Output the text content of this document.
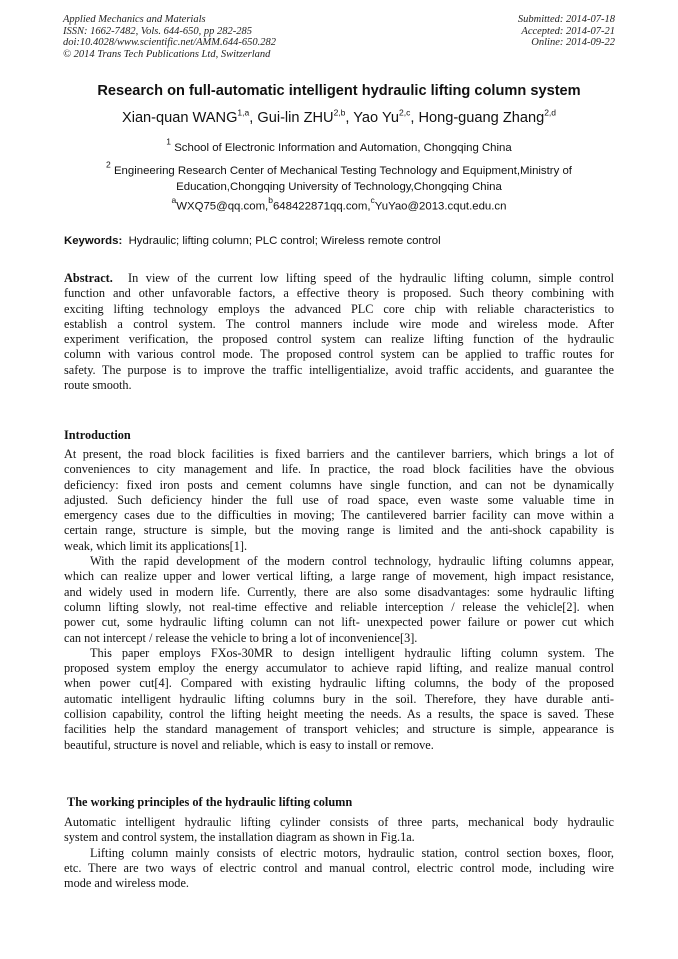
Applied Mechanics and Materials
ISSN: 1662-7482, Vols. 644-650, pp 282-285
doi:10.4028/www.scientific.net/AMM.644-650.282
© 2014 Trans Tech Publications Ltd, Switzerland
Submitted: 2014-07-18
Accepted: 2014-07-21
Online: 2014-09-22
Research on full-automatic intelligent hydraulic lifting column system
Xian-quan WANG$^{1,a}$, Gui-lin ZHU$^{2,b}$, Yao Yu$^{2,c}$, Hong-guang Zhang$^{2,d}$
$^1$ School of Electronic Information and Automation, Chongqing China
$^2$ Engineering Research Center of Mechanical Testing Technology and Equipment,Ministry of
Education,Chongqing University of Technology,Chongqing China
$^a$WXQ75@qq.com,$^b$648422871qq.com,$^c$YuYao@2013.cqut.edu.cn
Keywords: Hydraulic; lifting column; PLC control; Wireless remote control
Abstract. In view of the current low lifting speed of the hydraulic lifting column, simple control
function and other unfavorable factors, a effective theory is proposed. Such theory combining with
exciting lifting technology employs the advanced PLC core chip with reliable characteristics to
establish a control system. The control manners include wire mode and wireless mode. After
experiment verification, the proposed control system can realize lifting function of the hydraulic
column with various control mode. The proposed control system can be applied to traffic routes for
safety. The purpose is to improve the traffic intelligentialize, avoid traffic accidents, and guarantee the
route smooth.
Introduction
At present, the road block facilities is fixed barriers and the cantilever barriers, which brings a lot of
conveniences to city management and life. In practice, the road block facilities have the obvious
deficiency: fixed iron posts and cement columns have single function, and can not be dynamically
adjusted. Such deficiency hinder the full use of road space, even waste some valuable time in
emergency cases due to the difficulties in moving; The cantilevered barrier facility can move within a
certain range, structure is simple, but the moving range is limited and the anti-shock capability is
weak, which limit its applications[1].
With the rapid development of the modern control technology, hydraulic lifting columns appear,
which can realize upper and lower vertical lifting, a large range of movement, high impact resistance,
and widely used in modern life. Currently, there are also some disadvantages: some hydraulic lifting
column lifting slowly, not real-time effective and reliable interception / release the vehicle[2]. when
power cut, some hydraulic lifting column can not lift- unexpected power failure or power cut which
can not intercept / release the vehicle to bring a lot of inconvenience[3].
This paper employs FXos-30MR to design intelligent hydraulic lifting column system. The
proposed system employ the energy accumulator to achieve rapid lifting, and realize manual control
when power cut[4]. Compared with existing hydraulic lifting columns, the body of the proposed
automatic intelligent hydraulic lifting columns bury in the soil. Therefore, they have durable anti-
collision capability, control the lifting height meeting the needs. As a results, the space is saved. These
facilities help the standard management of transport vehicles; and structure is simple, appearance is
beautiful, structure is novel and reliable, which is easy to install or remove.
The working principles of the hydraulic lifting column
Automatic intelligent hydraulic lifting cylinder consists of three parts, mechanical body hydraulic
system and control system, the installation diagram as shown in Fig.1a.
Lifting column mainly consists of electric motors, hydraulic station, control section boxes, floor,
etc. There are two ways of electric control and manual control, electric control mode, including wire
mode and wireless mode.
